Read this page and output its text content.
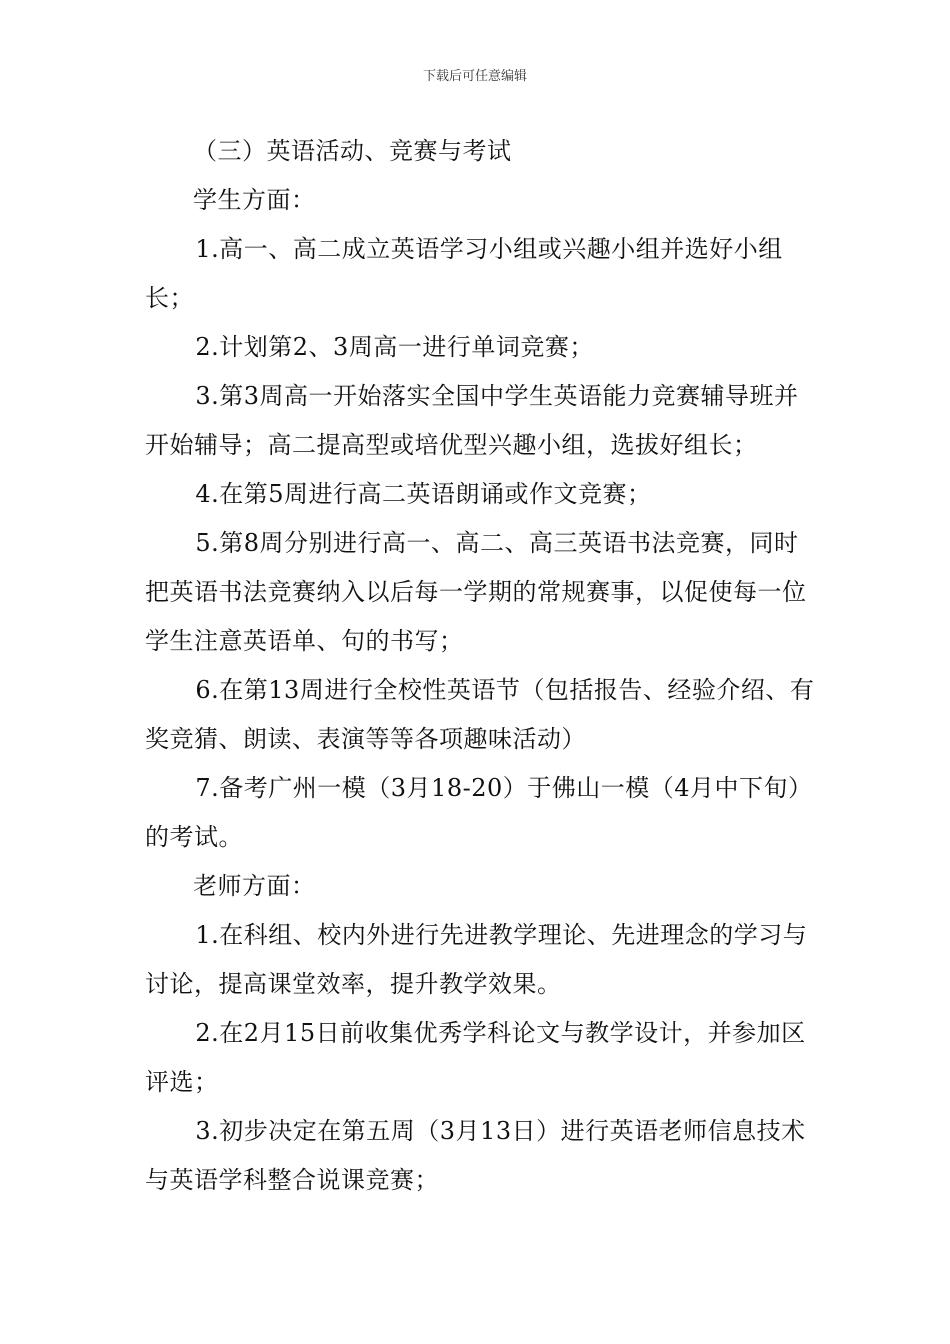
下载后可任意编辑

（三）英语活动、竞赛与考试

学生方面：

1.高一、高二成立英语学习小组或兴趣小组并选好小组长；

2.计划第2、3周高一进行单词竞赛；

3.第3周高一开始落实全国中学生英语能力竞赛辅导班并开始辅导；高二提高型或培优型兴趣小组，选拔好组长；

4.在第5周进行高二英语朗诵或作文竞赛；

5.第8周分别进行高一、高二、高三英语书法竞赛，同时把英语书法竞赛纳入以后每一学期的常规赛事，以促使每一位学生注意英语单、句的书写；

6.在第13周进行全校性英语节（包括报告、经验介绍、有奖竞猜、朗读、表演等等各项趣味活动）

7.备考广州一模（3月18-20）于佛山一模（4月中下旬）的考试。

老师方面：

1.在科组、校内外进行先进教学理论、先进理念的学习与讨论，提高课堂效率，提升教学效果。

2.在2月15日前收集优秀学科论文与教学设计，并参加区评选；

3.初步决定在第五周（3月13日）进行英语老师信息技术与英语学科整合说课竞赛；
